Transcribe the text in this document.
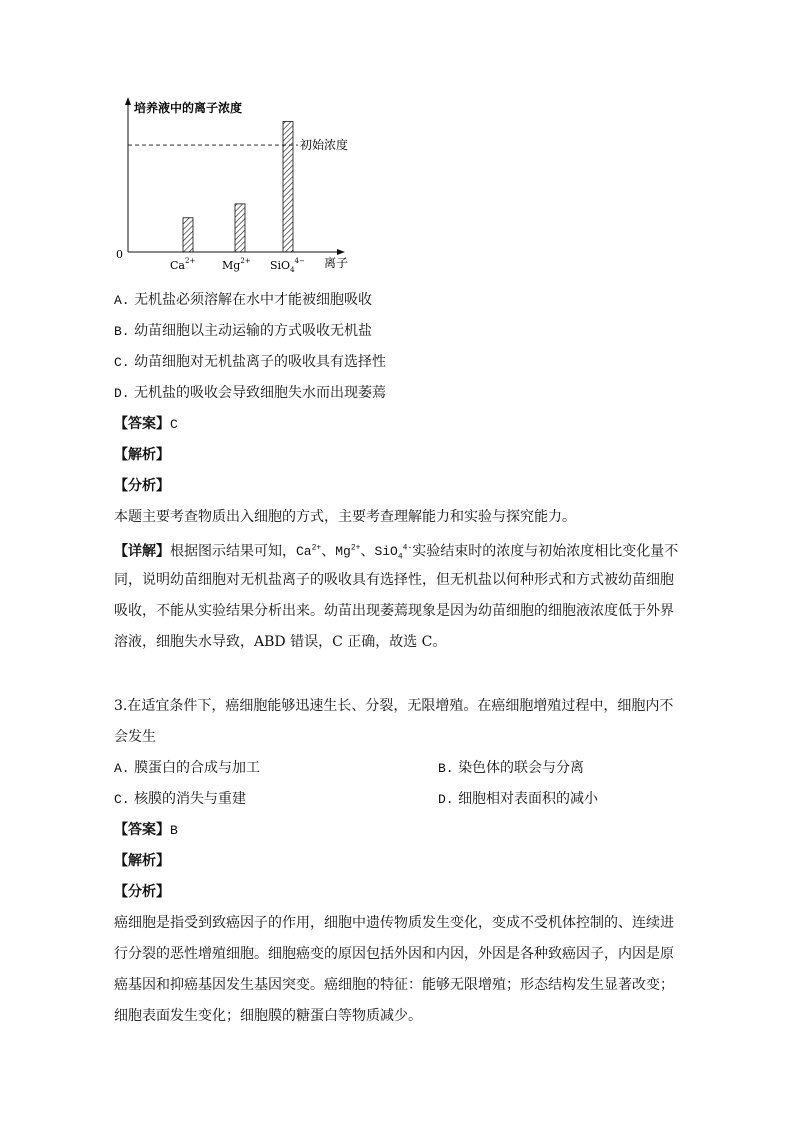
培养液中的离子浓度
0
离子
初始浓度
$Ca^{2+}$ $Mg^{2+}$ SiO$_4^{4-}$
A. 无机盐必须溶解在水中才能被细胞吸收
B. 幼苗细胞以主动运输的方式吸收无机盐
C. 幼苗细胞对无机盐离子的吸收具有选择性
D. 无机盐的吸收会导致细胞失水而出现萎蔫
【答案】C
【解析】
【分析】
本题主要考查物质出入细胞的方式，主要考查理解能力和实验与探究能力。
【详解】根据图示结果可知，$Ca^{2+}$、$Mg^{2+}$、SiO$_4^{4-}$实验结束时的浓度与初始浓度相比变化量不
同，说明幼苗细胞对无机盐离子的吸收具有选择性，但无机盐以何种形式和方式被幼苗细胞
吸收，不能从实验结果分析出来。幼苗出现萎蔫现象是因为幼苗细胞的细胞液浓度低于外界
溶液，细胞失水导致，ABD 错误，C 正确，故选 C。
3.在适宜条件下，癌细胞能够迅速生长、分裂，无限增殖。在癌细胞增殖过程中，细胞内不
会发生
A. 膜蛋白的合成与加工	B. 染色体的联会与分离
C. 核膜的消失与重建	D. 细胞相对表面积的减小
【答案】B
【解析】
【分析】
癌细胞是指受到致癌因子的作用，细胞中遗传物质发生变化，变成不受机体控制的、连续进
行分裂的恶性增殖细胞。细胞癌变的原因包括外因和内因，外因是各种致癌因子，内因是原
癌基因和抑癌基因发生基因突变。癌细胞的特征：能够无限增殖；形态结构发生显著改变；
细胞表面发生变化；细胞膜的糖蛋白等物质减少。
